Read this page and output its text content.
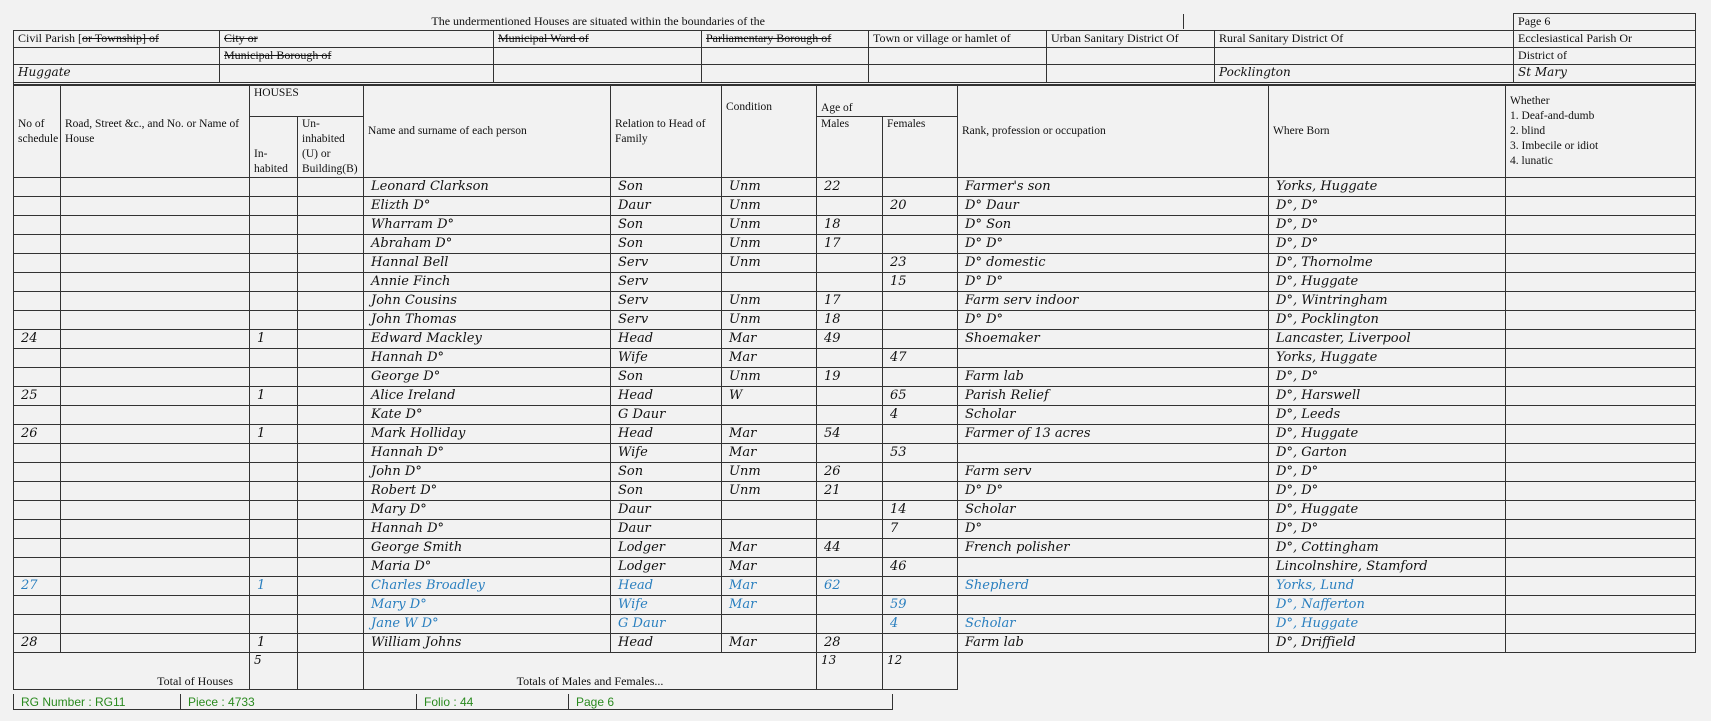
The undermentioned Houses are situated within the boundaries of the							Page 6
Civil Parish [or Township] of	City or	Municipal Ward of	Parliamentary Borough of	Town or village or hamlet of	Urban Sanitary District Of	Rural Sanitary District Of	Ecclesiastical Parish Or
	Municipal Borough of						District of
Huggate						Pocklington	St Mary

No of schedule	Road, Street &c., and No. or Name of House	HOUSES		Name and surname of each person	Relation to Head of Family	Condition	Age of		Rank, profession or occupation	Where Born	Whether
1. Deaf-and-dumb
2. blind
3. Imbecile or idiot
4. lunatic

		In-habited	Un-inhabited (U) or Building(B)				Males	Females			
				Leonard Clarkson	Son	Unm	22		Farmer's son	Yorks, Huggate	
				Elizth D°	Daur	Unm		20	D° Daur	D°, D°	
				Wharram D°	Son	Unm	18		D° Son	D°, D°	
				Abraham D°	Son	Unm	17		D° D°	D°, D°	
				Hannal Bell	Serv	Unm		23	D° domestic	D°, Thornolme	
				Annie Finch	Serv			15	D° D°	D°, Huggate	
				John Cousins	Serv	Unm	17		Farm serv indoor	D°, Wintringham	
				John Thomas	Serv	Unm	18		D° D°	D°, Pocklington	
24		1		Edward Mackley	Head	Mar	49		Shoemaker	Lancaster, Liverpool	
				Hannah D°	Wife	Mar		47		Yorks, Huggate	
				George D°	Son	Unm	19		Farm lab	D°, D°	
25		1		Alice Ireland	Head	W		65	Parish Relief	D°, Harswell	
				Kate D°	G Daur			4	Scholar	D°, Leeds	
26		1		Mark Holliday	Head	Mar	54		Farmer of 13 acres	D°, Huggate	
				Hannah D°	Wife	Mar		53		D°, Garton	
				John D°	Son	Unm	26		Farm serv	D°, D°	
				Robert D°	Son	Unm	21		D° D°	D°, D°	
				Mary D°	Daur			14	Scholar	D°, Huggate	
				Hannah D°	Daur			7	D°	D°, D°	
				George Smith	Lodger	Mar	44		French polisher	D°, Cottingham	
				Maria D°	Lodger	Mar		46		Lincolnshire, Stamford	
27		1		Charles Broadley	Head	Mar	62		Shepherd	Yorks, Lund	
				Mary D°	Wife	Mar		59		D°, Nafferton	
				Jane W D°	G Daur			4	Scholar	D°, Huggate	
28		1		William Johns	Head	Mar	28		Farm lab	D°, Driffield	
Total of Houses		5		Totals of Males and Females...			13	12			
RG Number : RG11	Piece : 4733	Folio : 44	Page 6
